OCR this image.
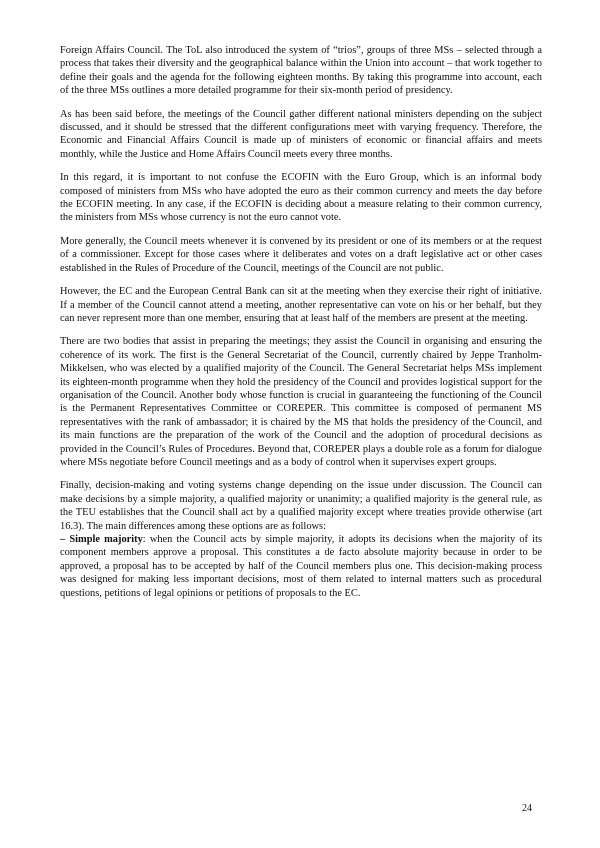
Foreign Affairs Council. The ToL also introduced the system of “trios”, groups of three MSs – selected through a process that takes their diversity and the geographical balance within the Union into account – that work together to define their goals and the agenda for the following eighteen months. By taking this programme into account, each of the three MSs outlines a more detailed programme for their six-month period of presidency.

As has been said before, the meetings of the Council gather different national ministers depending on the subject discussed, and it should be stressed that the different configurations meet with varying frequency. Therefore, the Economic and Financial Affairs Council is made up of ministers of economic or financial affairs and meets monthly, while the Justice and Home Affairs Council meets every three months.

In this regard, it is important to not confuse the ECOFIN with the Euro Group, which is an informal body composed of ministers from MSs who have adopted the euro as their common currency and meets the day before the ECOFIN meeting. In any case, if the ECOFIN is deciding about a measure relating to their common currency, the ministers from MSs whose currency is not the euro cannot vote.

More generally, the Council meets whenever it is convened by its president or one of its members or at the request of a commissioner. Except for those cases where it deliberates and votes on a draft legislative act or other cases established in the Rules of Procedure of the Council, meetings of the Council are not public.

However, the EC and the European Central Bank can sit at the meeting when they exercise their right of initiative. If a member of the Council cannot attend a meeting, another representative can vote on his or her behalf, but they can never represent more than one member, ensuring that at least half of the members are present at the meeting.

There are two bodies that assist in preparing the meetings; they assist the Council in organising and ensuring the coherence of its work. The first is the General Secretariat of the Council, currently chaired by Jeppe Tranholm-Mikkelsen, who was elected by a qualified majority of the Council. The General Secretariat helps MSs implement its eighteen-month programme when they hold the presidency of the Council and provides logistical support for the organisation of the Council. Another body whose function is crucial in guaranteeing the functioning of the Council is the Permanent Representatives Committee or COREPER. This committee is composed of permanent MS representatives with the rank of ambassador; it is chaired by the MS that holds the presidency of the Council, and its main functions are the preparation of the work of the Council and the adoption of procedural decisions as provided in the Council’s Rules of Procedures. Beyond that, COREPER plays a double role as a forum for dialogue where MSs negotiate before Council meetings and as a body of control when it supervises expert groups.

Finally, decision-making and voting systems change depending on the issue under discussion. The Council can make decisions by a simple majority, a qualified majority or unanimity; a qualified majority is the general rule, as the TEU establishes that the Council shall act by a qualified majority except where treaties provide otherwise (art 16.3). The main differences among these options are as follows:

– Simple majority: when the Council acts by simple majority, it adopts its decisions when the majority of its component members approve a proposal. This constitutes a de facto absolute majority because in order to be approved, a proposal has to be accepted by half of the Council members plus one. This decision-making process was designed for making less important decisions, most of them related to internal matters such as procedural questions, petitions of legal opinions or petitions of proposals to the EC.

24
